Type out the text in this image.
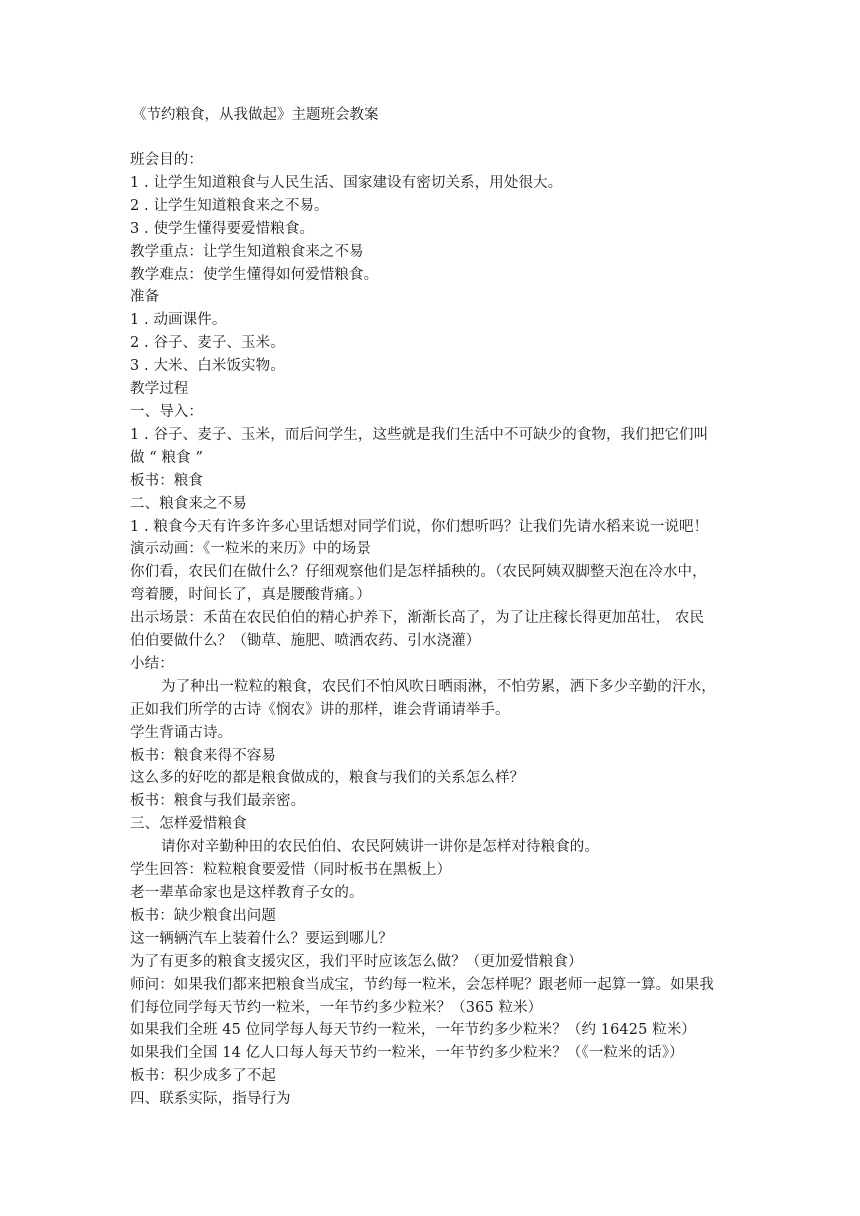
《节约粮食，从我做起》主题班会教案
班会目的：
1 . 让学生知道粮食与人民生活、国家建设有密切关系，用处很大。
2 . 让学生知道粮食来之不易。
3 . 使学生懂得要爱惜粮食。
教学重点：让学生知道粮食来之不易
教学难点：使学生懂得如何爱惜粮食。
准备
1 . 动画课件。
2 . 谷子、麦子、玉米。
3 . 大米、白米饭实物。
教学过程
一、导入：
1 . 谷子、麦子、玉米，而后问学生，这些就是我们生活中不可缺少的食物，我们把它们叫
做 “ 粮食 ”
板书：粮食
二、粮食来之不易
1 . 粮食今天有许多许多心里话想对同学们说，你们想听吗？让我们先请水稻来说一说吧！
演示动画：《一粒米的来历》中的场景
你们看，农民们在做什么？仔细观察他们是怎样插秧的。（农民阿姨双脚整天泡在冷水中，
弯着腰，时间长了，真是腰酸背痛。）
出示场景：禾苗在农民伯伯的精心护养下，渐渐长高了，为了让庄稼长得更加茁壮， 农民
伯伯要做什么？（锄草、施肥、喷洒农药、引水浇灌）
小结：
为了种出一粒粒的粮食，农民们不怕风吹日晒雨淋，不怕劳累，洒下多少辛勤的汗水，
正如我们所学的古诗《悯农》讲的那样，谁会背诵请举手。
学生背诵古诗。
板书：粮食来得不容易
这么多的好吃的都是粮食做成的，粮食与我们的关系怎么样？
板书：粮食与我们最亲密。
三、怎样爱惜粮食
请你对辛勤种田的农民伯伯、农民阿姨讲一讲你是怎样对待粮食的。
学生回答：粒粒粮食要爱惜（同时板书在黑板上）
老一辈革命家也是这样教育子女的。
板书：缺少粮食出问题
这一辆辆汽车上装着什么？要运到哪儿？
为了有更多的粮食支援灾区，我们平时应该怎么做？（更加爱惜粮食）
师问：如果我们都来把粮食当成宝，节约每一粒米，会怎样呢？跟老师一起算一算。如果我
们每位同学每天节约一粒米，一年节约多少粒米？（365 粒米）
如果我们全班 45 位同学每人每天节约一粒米，一年节约多少粒米？（约 16425 粒米）
如果我们全国 14 亿人口每人每天节约一粒米，一年节约多少粒米？（《一粒米的话》）
板书：积少成多了不起
四、联系实际，指导行为
